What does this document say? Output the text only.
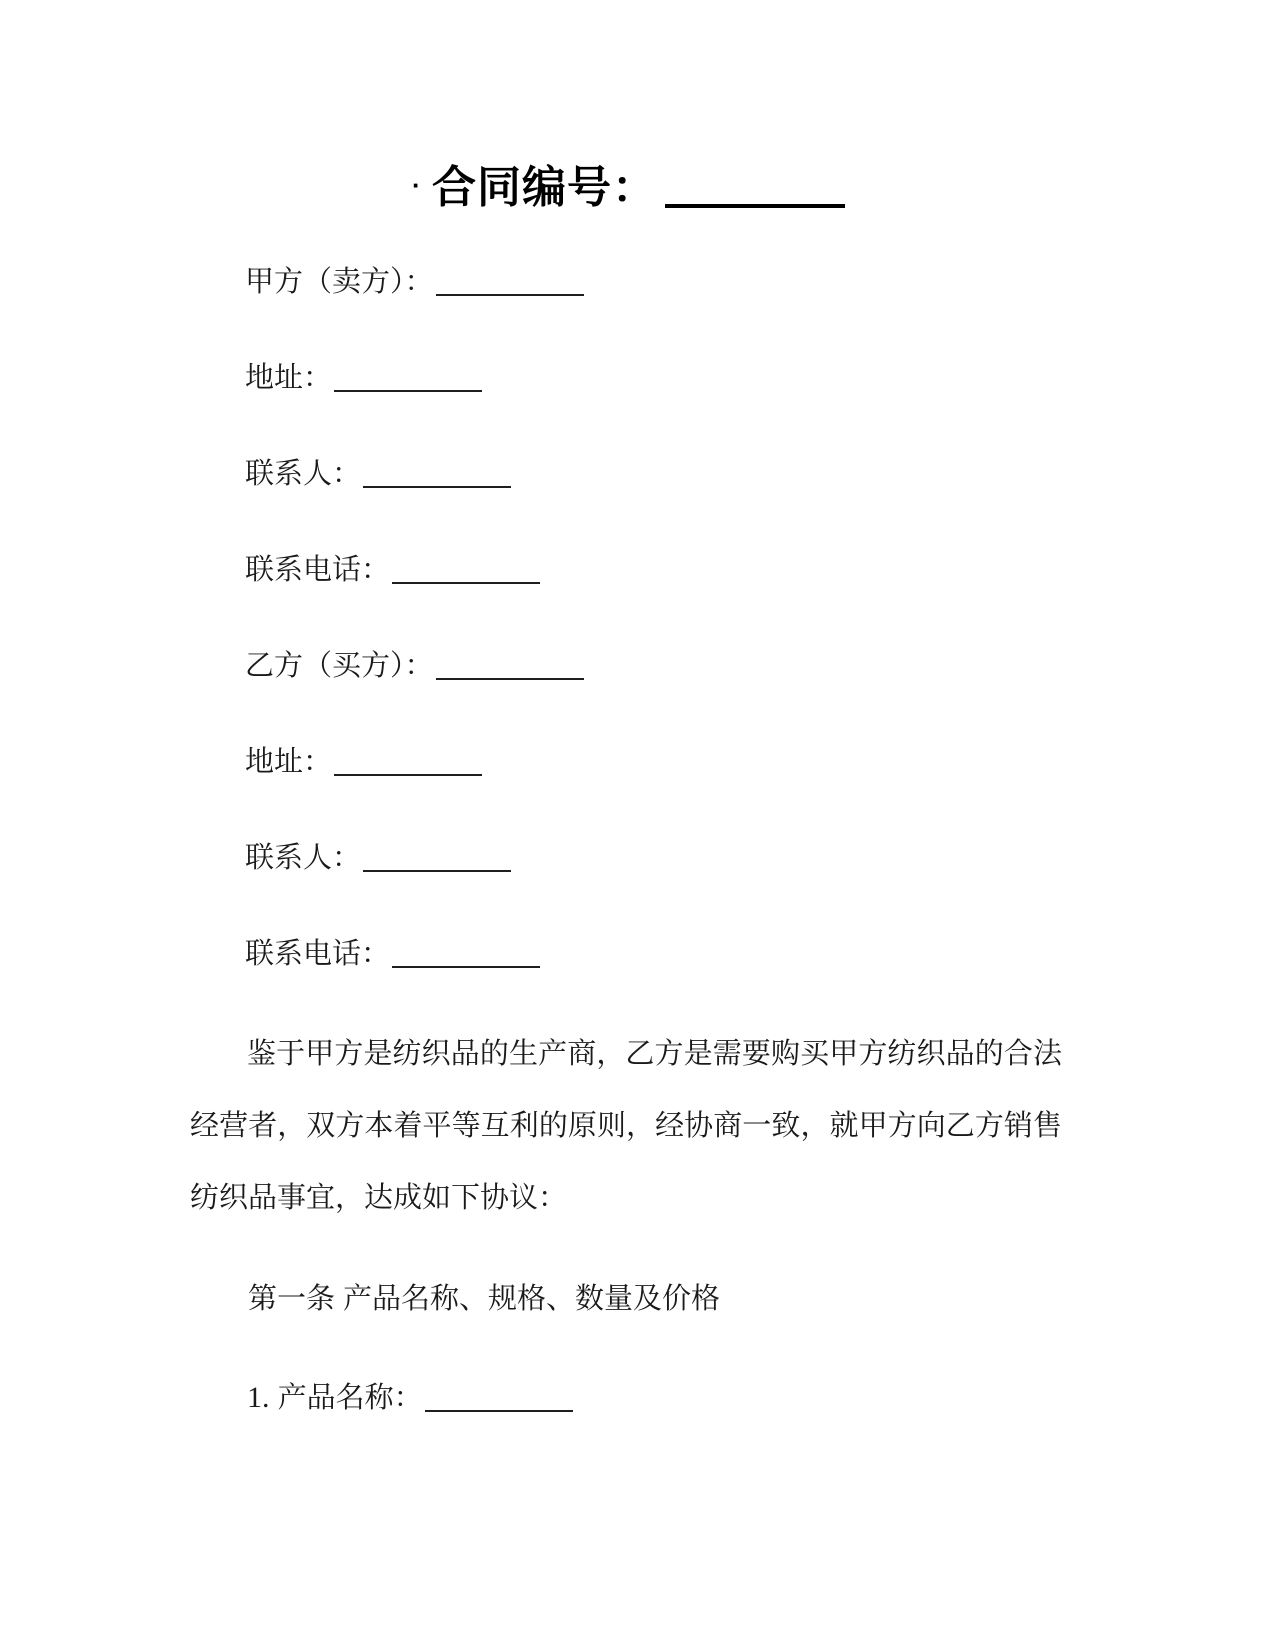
· 合同编号：
甲方（卖方）：
地址：
联系人：
联系电话：
乙方（买方）：
地址：
联系人：
联系电话：
鉴于甲方是纺织品的生产商，乙方是需要购买甲方纺织品的合法
经营者，双方本着平等互利的原则，经协商一致，就甲方向乙方销售
纺织品事宜，达成如下协议：
第一条 产品名称、规格、数量及价格
1. 产品名称：
